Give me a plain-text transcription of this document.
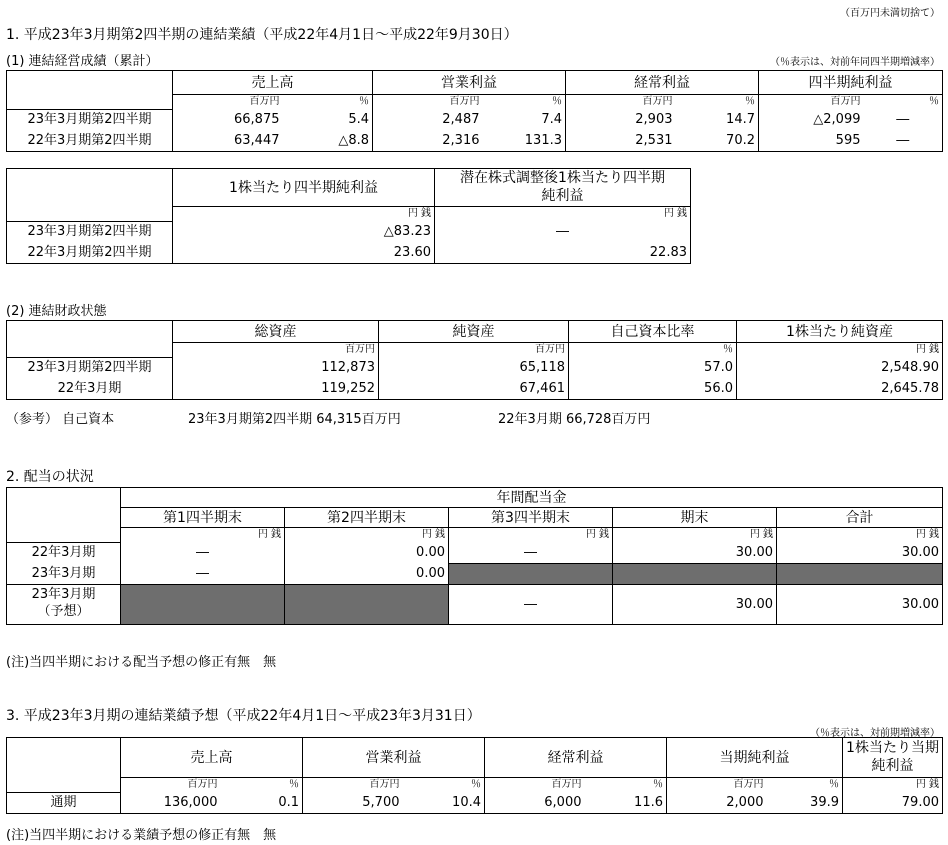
（百万円未満切捨て）
1. 平成23年3月期第2四半期の連結業績（平成22年4月1日～平成22年9月30日）
(1) 連結経営成績（累計）	（％表示は、対前年同四半期増減率）
	売上高		営業利益		経常利益		四半期純利益	
	百万円	％	百万円	％	百万円	％	百万円	％
23年3月期第2四半期	66,875	5.4	2,487	7.4	2,903	14.7	△2,099	―
22年3月期第2四半期	63,447	△8.8	2,316	131.3	2,531	70.2	595	―
	1株当たり四半期純利益	潜在株式調整後1株当たり四半期
純利益
	円 銭	円 銭
23年3月期第2四半期	△83.23	―
22年3月期第2四半期	23.60	22.83
(2) 連結財政状態
	総資産	純資産	自己資本比率	1株当たり純資産
	百万円	百万円	％	円 銭
23年3月期第2四半期	112,873	65,118	57.0	2,548.90
22年3月期	119,252	67,461	56.0	2,645.78
（参考） 自己資本	23年3月期第2四半期 64,315百万円	22年3月期 66,728百万円
2. 配当の状況
	年間配当金				
	第1四半期末	第2四半期末	第3四半期末	期末	合計
	円 銭	円 銭	円 銭	円 銭	円 銭
22年3月期	―	0.00	―	30.00	30.00
23年3月期	―	0.00			
23年3月期
（予想）			―	30.00	30.00
(注)当四半期における配当予想の修正有無　無
3. 平成23年3月期の連結業績予想（平成22年4月1日～平成23年3月31日）
（％表示は、対前期増減率）
	売上高		営業利益		経常利益		当期純利益		1株当たり当期
純利益
	百万円	％	百万円	％	百万円	％	百万円	％	円 銭
通期	136,000	0.1	5,700	10.4	6,000	11.6	2,000	39.9	79.00
(注)当四半期における業績予想の修正有無　無
